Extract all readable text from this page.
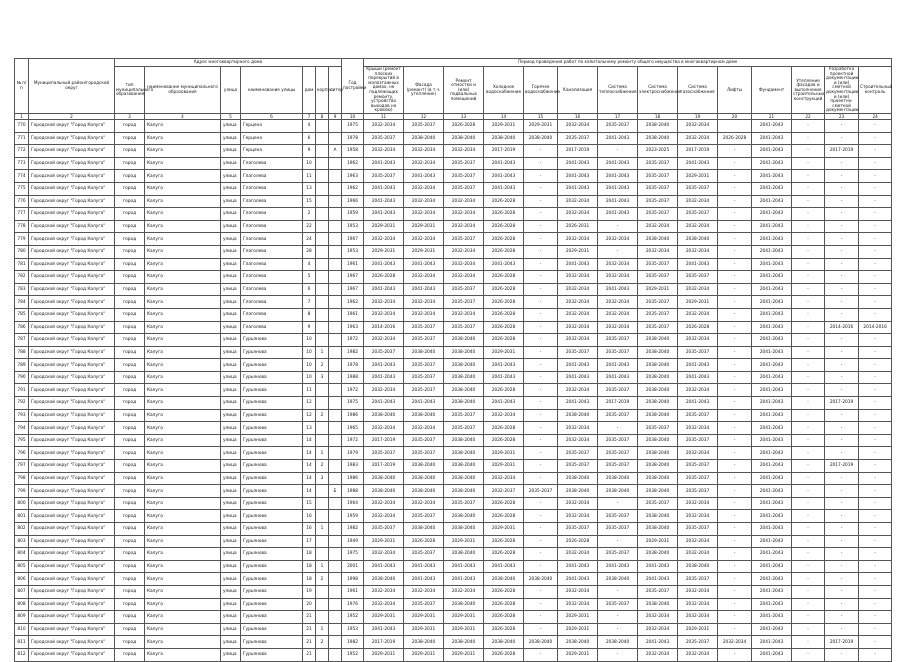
№ п/п	Муниципальный район/городской округ	Адрес многоквартирного дома							Год постройки	Период проведения работ по капитальному ремонту общего имущества в многоквартирном доме													
		тип муниципального образования	наименование муниципального образования	улица	наименование улицы	дом	корпус	литер		Крыши (ремонт плоских перекрытий в малоэтажных домах, не подлежащих ремонту, устройство выходов на кровлю)	Фасада (ремонт) (в т.ч. утепление)	Ремонт отмостки и (или) подвальных помещений	Холодное водоснабжение	Горячее водоснабжение	Канализация	Система теплоснабжения	Система электроснабжения	Система газоснабжения	Лифты	Фундамент	Утепление фасадов и выполнение строительных конструкций	Разработка проектной документации и (или) сметной документации и (или) проектно-сметной документации	Строительный контроль
1	2	3	4	5	6	7	8	9	10	11	12	13	14	15	16	17	18	19	20	21	22	23	24
770	Городской округ "Город Калуга"	город	Калуга	улица	Герцена	4			1975	2032-2034	2035-2037	2026-2028	2029-2031	2029-2031	2032-2034	2035-2037	2038-2040	2032-2034		2041-2043	-	-	-
771	Городской округ "Город Калуга"	город	Калуга	улица	Герцена	6			1978	2035-2037	2038-2040	2038-2040	2038-2040	2038-2040	2035-2037	2041-2043	2038-2040	2032-2034	2026-2028	2041-2043	-	-	-
772	Городской округ "Город Калуга"	город	Калуга	улица	Герцена	9		А	1958	2032-2034	2032-2034	2032-2034	2017-2019	-	2017-2019	-	2023-2025	2017-2019	-	2041-2043	-	2017-2019	-
773	Городской округ "Город Калуга"	город	Калуга	улица	Глаголева	10			1962	2041-2043	2032-2034	2035-2037	2041-2043	-	2041-2043	2041-2043	2035-2037	2041-2043	-	2041-2043	-	-	-
774	Городской округ "Город Калуга"	город	Калуга	улица	Глаголева	11			1963	2035-2037	2041-2043	2035-2037	2041-2043	-	2041-2043	2041-2043	2035-2037	2029-2031	-	2041-2043	-	-	-
775	Городской округ "Город Калуга"	город	Калуга	улица	Глаголева	13			1962	2041-2043	2032-2034	2035-2037	2041-2043	-	2041-2043	2041-2043	2035-2037	2035-2037	-	2041-2043	-	-	-
776	Городской округ "Город Калуга"	город	Калуга	улица	Глаголева	15			1966	2041-2043	2032-2034	2032-2034	2026-2028	-	2032-2034	2041-2043	2035-2037	2032-2034	-	2041-2043	-	-	-
777	Городской округ "Город Калуга"	город	Калуга	улица	Глаголева	2			1959	2041-2043	2032-2034	2032-2034	2026-2028	-	2032-2034	2041-2043	2035-2037	2035-2037	-	2041-2043	-	-	-
778	Городской округ "Город Калуга"	город	Калуга	улица	Глаголева	22			1953	2029-2031	2029-2031	2032-2034	2026-2028	-	2026-2031	-	2032-2034	2032-2034	-	2041-2043	-	-	-
779	Городской округ "Город Калуга"	город	Калуга	улица	Глаголева	24			1967	2032-2034	2032-2034	2035-2037	2026-2028	-	2032-2034	2032-2034	2038-2040	2038-2040	-	2041-2043	-	-	-
780	Городской округ "Город Калуга"	город	Калуга	улица	Глаголева	28			1953	2029-2031	2029-2031	2032-2034	2026-2028	-	2029-2031	-	2032-2034	2032-2034	-	2041-2043	-	-	-
781	Городской округ "Город Калуга"	город	Калуга	улица	Глаголева	4			1961	2041-2043	2041-2043	2032-2034	2041-2043	-	2041-2043	2032-2034	2035-2037	2041-2043	-	2041-2043	-	-	-
782	Городской округ "Город Калуга"	город	Калуга	улица	Глаголева	5			1967	2026-2028	2032-2034	2032-2034	2026-2028	-	2032-2034	2032-2034	2035-2037	2035-2037	-	2041-2043	-	-	-
783	Городской округ "Город Калуга"	город	Калуга	улица	Глаголева	6			1967	2041-2043	2041-2043	2035-2037	2026-2028	-	2032-2034	2041-2043	2029-2031	2032-2034	-	2041-2043	-	-	-
784	Городской округ "Город Калуга"	город	Калуга	улица	Глаголева	7			1962	2032-2034	2032-2034	2035-2037	2026-2028	-	2032-2034	2032-2034	2035-2037	2029-2031	-	2041-2043	-	-	-
785	Городской округ "Город Калуга"	город	Калуга	улица	Глаголева	8			1961	2032-2034	2032-2034	2032-2034	2026-2028	-	2032-2034	2032-2034	2035-2037	2032-2034	-	2041-2043	-	-	-
786	Городской округ "Город Калуга"	город	Калуга	улица	Глаголева	9			1963	2014-2016	2035-2037	2035-2037	2026-2028	-	2032-2034	2032-2034	2035-2037	2026-2028	-	2041-2043	-	2014-2016	2014-2016
787	Городской округ "Город Калуга"	город	Калуга	улица	Гурьянова	10			1972	2032-2034	2035-2037	2038-2040	2026-2028	-	2032-2034	2035-2037	2038-2040	2032-2034	-	2041-2043	-	-	-
788	Городской округ "Город Калуга"	город	Калуга	улица	Гурьянова	10	1		1982	2035-2037	2038-2040	2038-2040	2029-2031	-	2035-2037	2035-2037	2038-2040	2035-2037	-	2041-2043	-	-	-
789	Городской округ "Город Калуга"	город	Калуга	улица	Гурьянова	10	2		1978	2041-2043	2035-2037	2038-2040	2041-2043	-	2041-2043	2041-2043	2038-2040	2041-2043	-	2041-2043	-	-	-
790	Городской округ "Город Калуга"	город	Калуга	улица	Гурьянова	10	3		1988	2041-2043	2035-2037	2038-2040	2041-2043	-	2041-2043	2041-2043	2038-2040	2041-2043	-	2041-2043	-	-	-
791	Городской округ "Город Калуга"	город	Калуга	улица	Гурьянова	11			1972	2032-2034	2035-2037	2038-2040	2026-2028	-	2032-2034	2035-2037	2038-2040	2032-2034	-	2041-2043	-	-	-
792	Городской округ "Город Калуга"	город	Калуга	улица	Гурьянова	12			1975	2041-2043	2041-2043	2038-2040	2041-2043	-	2041-2043	2017-2019	2038-2040	2041-2043	-	2041-2043	-	2017-2019	-
793	Городской округ "Город Калуга"	город	Калуга	улица	Гурьянова	12	2		1986	2038-2040	2038-2040	2035-2037	2032-2034	-	2038-2040	2035-2037	2038-2040	2035-2037	-	2041-2043	-	-	-
794	Городской округ "Город Калуга"	город	Калуга	улица	Гурьянова	13			1965	2032-2034	2032-2034	2035-2037	2026-2028	-	2032-2034	-	2035-2037	2032-2034	-	2041-2043	-	-	-
795	Городской округ "Город Калуга"	город	Калуга	улица	Гурьянова	14			1972	2017-2019	2035-2037	2038-2040	2026-2028	-	2032-2034	2035-2037	2038-2040	2035-2037	-	2041-2043	-	-	-
796	Городской округ "Город Калуга"	город	Калуга	улица	Гурьянова	14	1		1979	2035-2037	2035-2037	2038-2040	2029-2031	-	2035-2037	2035-2037	2038-2040	2032-2034	-	2041-2043	-	-	-
797	Городской округ "Город Калуга"	город	Калуга	улица	Гурьянова	14	2		1983	2017-2019	2038-2040	2038-2040	2029-2031	-	2035-2037	2035-2037	2038-2040	2035-2037	-	2041-2043	-	2017-2019	-
798	Городской округ "Город Калуга"	город	Калуга	улица	Гурьянова	14	3		1986	2038-2040	2038-2040	2038-2040	2032-2034	-	2038-2040	2038-2040	2038-2040	2035-2037	-	2041-2043	-	-	-
799	Городской округ "Город Калуга"	город	Калуга	улица	Гурьянова	14		Б	1988	2038-2040	2038-2040	2038-2040	2032-2037	2035-2037	2038-2040	2038-2040	2038-2040	2035-2037	-	2041-2043	-	-	-
800	Городской округ "Город Калуга"	город	Калуга	улица	Гурьянова	15			1964	2032-2034	2032-2034	2035-2037	2026-2028	-	2032-2034	-	2035-2037	2032-2034	-	2041-2043	-	-	-
801	Городской округ "Город Калуга"	город	Калуга	улица	Гурьянова	16			1959	2032-2034	2035-2037	2038-2040	2026-2028	-	2032-2034	2035-2037	2038-2040	2032-2034	-	2041-2043	-	-	-
802	Городской округ "Город Калуга"	город	Калуга	улица	Гурьянова	16	1		1982	2035-2037	2038-2040	2038-2040	2029-2031	-	2035-2037	2035-2037	2038-2040	2035-2037	-	2041-2043	-	-	-
803	Городской округ "Город Калуга"	город	Калуга	улица	Гурьянова	17			1949	2029-2031	2026-2028	2029-2031	2026-2028	-	2026-2028	-	2029-2031	2032-2034	-	2041-2043	-	-	-
804	Городской округ "Город Калуга"	город	Калуга	улица	Гурьянова	18			1975	2032-2034	2035-2037	2038-2040	2026-2028	-	2032-2034	2035-2037	2038-2040	2032-2034	-	2041-2043	-	-	-
805	Городской округ "Город Калуга"	город	Калуга	улица	Гурьянова	18	1		2001	2041-2043	2041-2043	2041-2043	2041-2043	-	2041-2043	2041-2043	2041-2043	2038-2040	-	2041-2043	-	-	-
806	Городской округ "Город Калуга"	город	Калуга	улица	Гурьянова	18	2		1998	2038-2040	2041-2043	2041-2043	2038-2040	2038-2040	2041-2043	2038-2040	2041-2043	2035-2037	-	2041-2043	-	-	-
807	Городской округ "Город Калуга"	город	Калуга	улица	Гурьянова	19			1961	2032-2034	2032-2034	2032-2034	2026-2028	-	2032-2034	-	2035-2037	2032-2034	-	2041-2043	-	-	-
808	Городской округ "Город Калуга"	город	Калуга	улица	Гурьянова	20			1976	2032-2034	2035-2037	2038-2040	2026-2028	-	2032-2034	2035-2037	2038-2040	2032-2034	-	2041-2043	-	-	-
809	Городской округ "Город Калуга"	город	Калуга	улица	Гурьянова	21			1952	2029-2031	2029-2031	2029-2031	2026-2028	-	2029-2031	-	2032-2034	2032-2034	-	2041-2043	-	-	-
810	Городской округ "Город Калуга"	город	Калуга	улица	Гурьянова	21	1		1953	2041-2043	2029-2031	2029-2031	2026-2028	-	2029-2031	-	2032-2034	2029-2031	-	2041-2043	-	-	-
811	Городской округ "Город Калуга"	город	Калуга	улица	Гурьянова	21	2		1982	2017-2019	2038-2040	2038-2040	2038-2040	2038-2040	2038-2040	2038-2040	2041-2043	2035-2037	2032-2034	2041-2043	-	2017-2019	-
812	Городской округ "Город Калуга"	город	Калуга	улица	Гурьянова	21			1952	2029-2031	2029-2031	2029-2031	2026-2028	-	2029-2031	-	2032-2034	2032-2034	-	2041-2043	-	-	-
